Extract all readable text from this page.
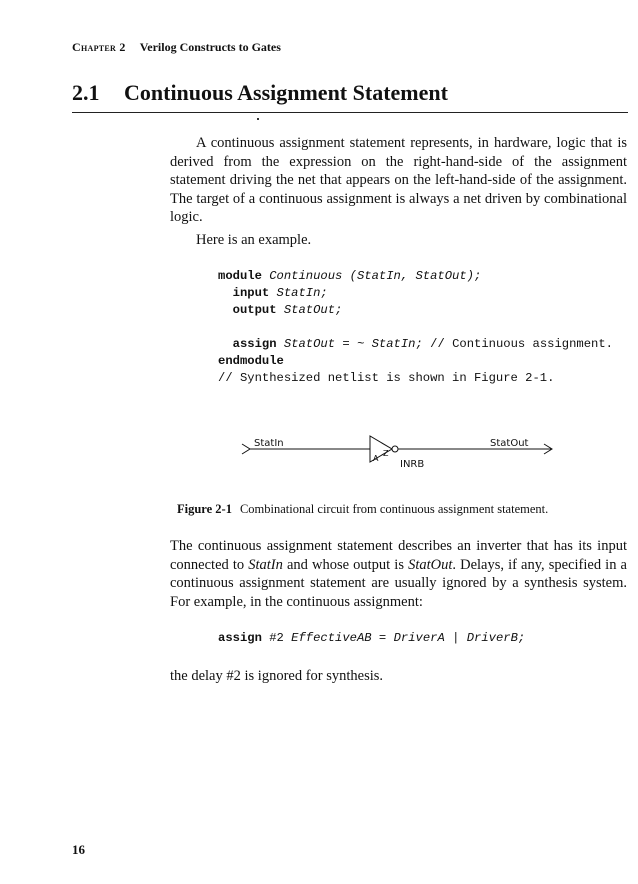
Chapter 2 Verilog Constructs to Gates
2.1 Continuous Assignment Statement
A continuous assignment statement represents, in hardware, logic that is derived from the expression on the right-hand-side of the assignment statement driving the net that appears on the left-hand-side of the assignment. The target of a continuous assignment is always a net driven by combinational logic.
Here is an example.
module Continuous (StatIn, StatOut);
input StatIn;
output StatOut;

assign StatOut = ~ StatIn; // Continuous assignment.
endmodule
// Synthesized netlist is shown in Figure 2-1.
StatIn
A
Z
INRB
StatOut
Figure 2-1 Combinational circuit from continuous assignment statement.
The continuous assignment statement describes an inverter that has its input connected to StatIn and whose output is StatOut. Delays, if any, specified in a continuous assignment statement are usually ignored by a synthesis system. For example, in the continuous assignment:
assign #2 EffectiveAB = DriverA | DriverB;
the delay #2 is ignored for synthesis.
16
